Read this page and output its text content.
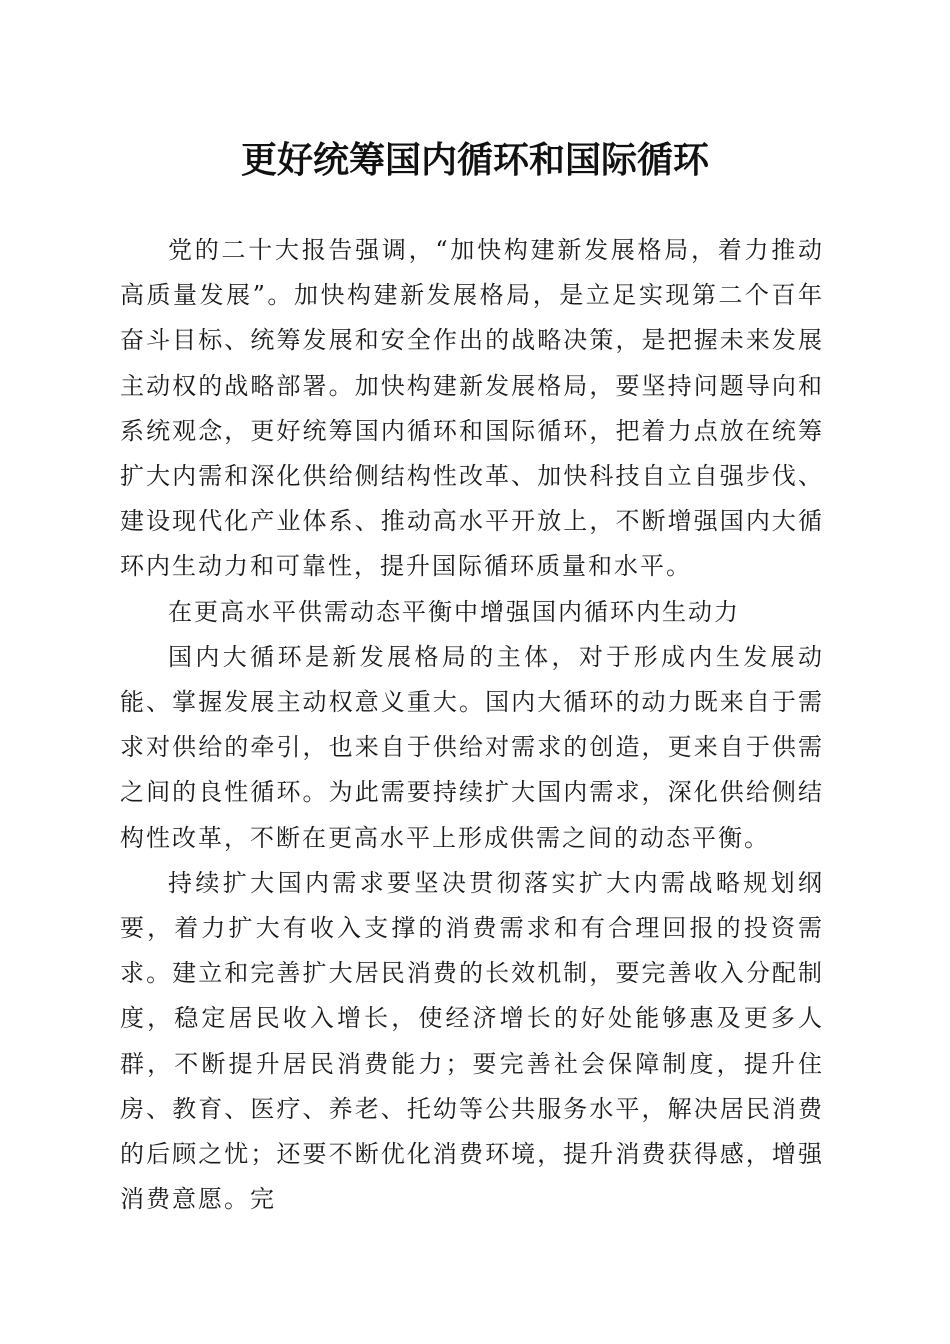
更好统筹国内循环和国际循环

党的二十大报告强调，“加快构建新发展格局，着力推动高质量发展”。加快构建新发展格局，是立足实现第二个百年奋斗目标、统筹发展和安全作出的战略决策，是把握未来发展主动权的战略部署。加快构建新发展格局，要坚持问题导向和系统观念，更好统筹国内循环和国际循环，把着力点放在统筹扩大内需和深化供给侧结构性改革、加快科技自立自强步伐、建设现代化产业体系、推动高水平开放上，不断增强国内大循环内生动力和可靠性，提升国际循环质量和水平。

在更高水平供需动态平衡中增强国内循环内生动力

国内大循环是新发展格局的主体，对于形成内生发展动能、掌握发展主动权意义重大。国内大循环的动力既来自于需求对供给的牵引，也来自于供给对需求的创造，更来自于供需之间的良性循环。为此需要持续扩大国内需求，深化供给侧结构性改革，不断在更高水平上形成供需之间的动态平衡。

持续扩大国内需求要坚决贯彻落实扩大内需战略规划纲要，着力扩大有收入支撑的消费需求和有合理回报的投资需求。建立和完善扩大居民消费的长效机制，要完善收入分配制度，稳定居民收入增长，使经济增长的好处能够惠及更多人群，不断提升居民消费能力；要完善社会保障制度，提升住房、教育、医疗、养老、托幼等公共服务水平，解决居民消费的后顾之忧；还要不断优化消费环境，提升消费获得感，增强消费意愿。完
